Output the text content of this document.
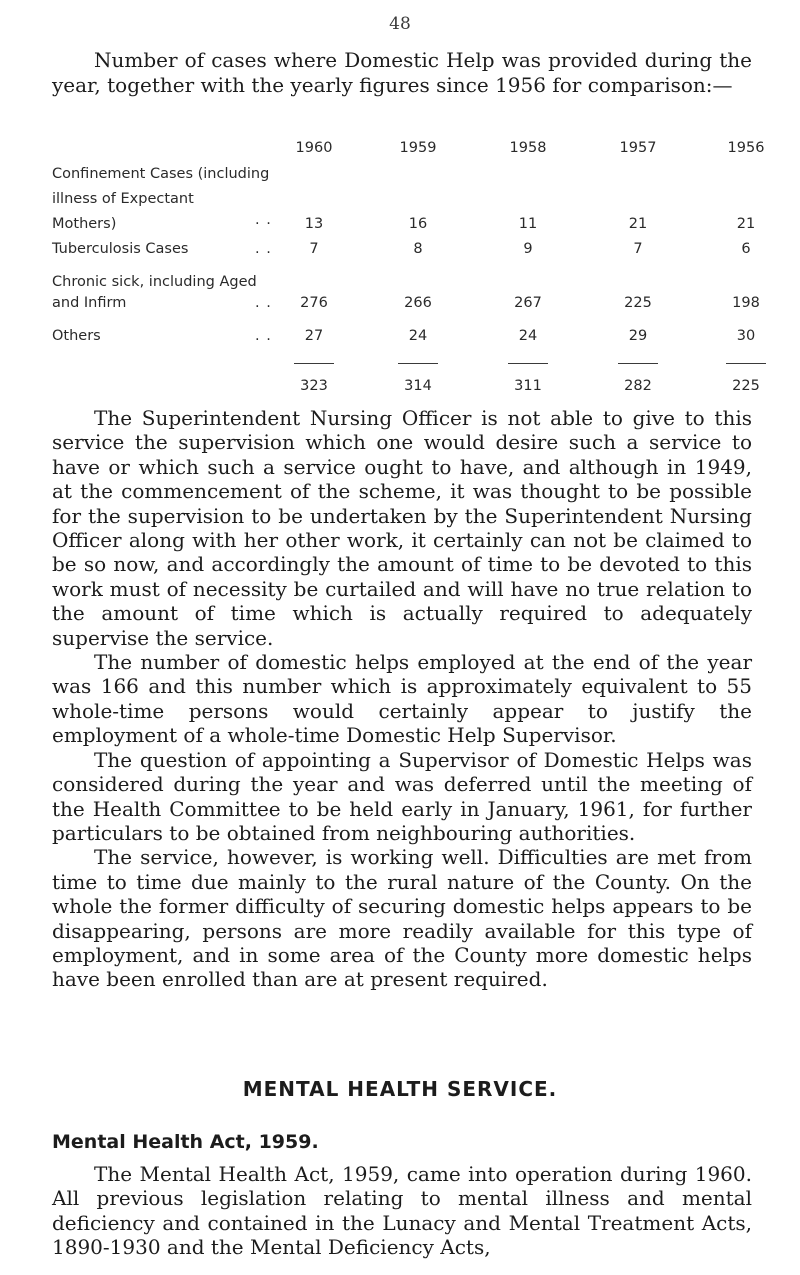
48
Number of cases where Domestic Help was provided during the year, together with the yearly figures since 1956 for comparison:—
1960	1959	1958	1957	1956
Confinement Cases (including
illness of Expectant
Mothers)	. .	13	16	11	21	21
Tuberculosis Cases	. .	7	8	9	7	6
Chronic sick, including Aged
and Infirm	. .	276	266	267	225	198
Others	. .	27	24	24	29	30
323	314	311	282	225

The Superintendent Nursing Officer is not able to give to this service the supervision which one would desire such a service to have or which such a service ought to have, and although in 1949, at the commencement of the scheme, it was thought to be possible for the supervision to be undertaken by the Superintendent Nursing Officer along with her other work, it certainly can not be claimed to be so now, and accordingly the amount of time to be devoted to this work must of necessity be curtailed and will have no true relation to the amount of time which is actually required to adequately supervise the service.

The number of domestic helps employed at the end of the year was 166 and this number which is approximately equivalent to 55 whole-time persons would certainly appear to justify the employment of a whole-time Domestic Help Supervisor.

The question of appointing a Supervisor of Domestic Helps was considered during the year and was deferred until the meeting of the Health Committee to be held early in January, 1961, for further particulars to be obtained from neighbouring authorities.

The service, however, is working well. Difficulties are met from time to time due mainly to the rural nature of the County. On the whole the former difficulty of securing domestic helps appears to be disappearing, persons are more readily available for this type of employment, and in some area of the County more domestic helps have been enrolled than are at present required.

MENTAL HEALTH SERVICE.
Mental Health Act, 1959.

The Mental Health Act, 1959, came into operation during 1960. All previous legislation relating to mental illness and mental deficiency and contained in the Lunacy and Mental Treatment Acts, 1890-1930 and the Mental Deficiency Acts,
